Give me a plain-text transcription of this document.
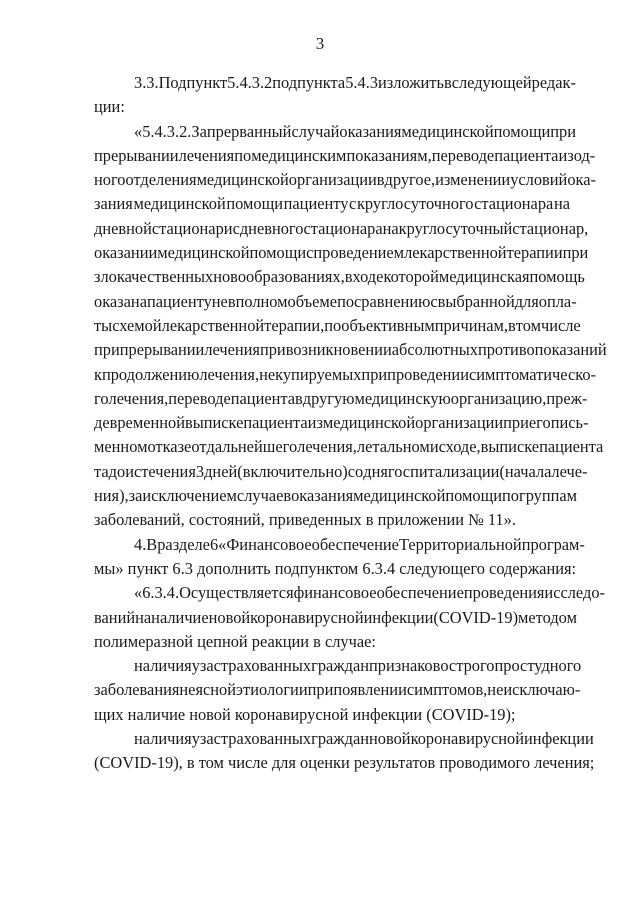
3
3.3. Подпункт 5.4.3.2 подпункта 5.4.3 изложить в следующей редак-
ции:
«5.4.3.2. За прерванный случай оказания медицинской помощи при
прерывании лечения по медицинским показаниям, переводе пациента из од-
ного отделения медицинской организации в другое, изменении условий ока-
зания медицинской помощи пациенту с круглосуточного стационара на
дневной стационар и с дневного стационара на круглосуточный стационар,
оказании медицинской помощи с проведением лекарственной терапии при
злокачественных новообразованиях, в ходе которой медицинская помощь
оказана пациенту не в полном объеме по сравнению с выбранной для опла-
ты схемой лекарственной терапии, по объективным причинам, в том числе
при прерывании лечения при возникновении абсолютных противопоказаний
к продолжению лечения, не купируемых при проведении симптоматическо-
го лечения, переводе пациента в другую медицинскую организацию, преж-
девременной выписке пациента из медицинской организации при его пись-
менном отказе от дальнейшего лечения, летальном исходе, выписке пациента
та до истечения 3 дней (включительно) со дня госпитализации (начала лече-
ния), за исключением случаев оказания медицинской помощи по группам
заболеваний, состояний, приведенных в приложении № 11».
4. В разделе 6 «Финансовое обеспечение Территориальной програм-
мы» пункт 6.3 дополнить подпунктом 6.3.4 следующего содержания:
«6.3.4. Осуществляется финансовое обеспечение проведения исследо-
ваний на наличие новой коронавирусной инфекции (COVID-19) методом
полимеразной цепной реакции в случае:
наличия у застрахованных граждан признаков острого простудного
заболевания неясной этиологии при появлении симптомов, не исключаю-
щих наличие новой коронавирусной инфекции (COVID-19);
наличия у застрахованных граждан новой коронавирусной инфекции
(COVID-19), в том числе для оценки результатов проводимого лечения;
